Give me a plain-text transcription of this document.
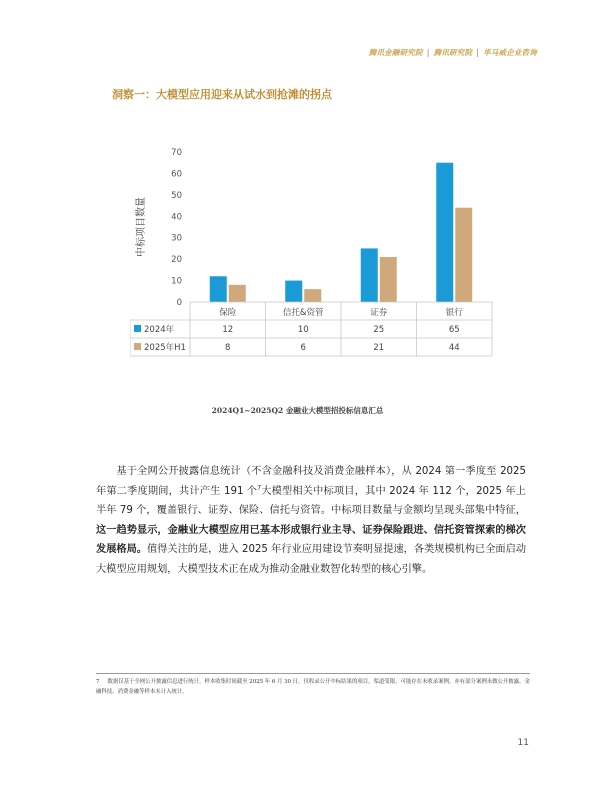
腾讯金融研究院 | 腾讯研究院 | 毕马威企业咨询
洞察一：大模型应用迎来从试水到抢滩的拐点
中标项目数量
0
10
20
30
40
50
60
70
保险	信托&资管	证券	银行
2024年	12	10	25	65
2025年H1	8	6	21	44
2024Q1~2025Q2 金融业大模型招投标信息汇总
基于全网公开披露信息统计（不含金融科技及消费金融样本），从 2024 第一季度至 2025 年第二季度期间，共计产生 191 个$^7$大模型相关中标项目，其中 2024 年 112 个，2025 年上半年 79 个，覆盖银行、证券、保险、信托与资管。中标项目数量与金额均呈现头部集中特征，这一趋势显示，金融业大模型应用已基本形成银行业主导、证券保险跟进、信托资管探索的梯次发展格局。值得关注的是，进入 2025 年行业应用建设节奏明显提速，各类规模机构已全面启动大模型应用规划，大模型技术正在成为推动金融业数智化转型的核心引擎。
7 数据仅基于全网公开披露信息进行统计，样本收集时间截至 2025 年 6 月 30 日，仅收录公开中标结果的项目，渠道受限，可能存在未收录案例。亦有部分案例未做公开披露，金融科技、消费金融等样本未计入统计。
11
